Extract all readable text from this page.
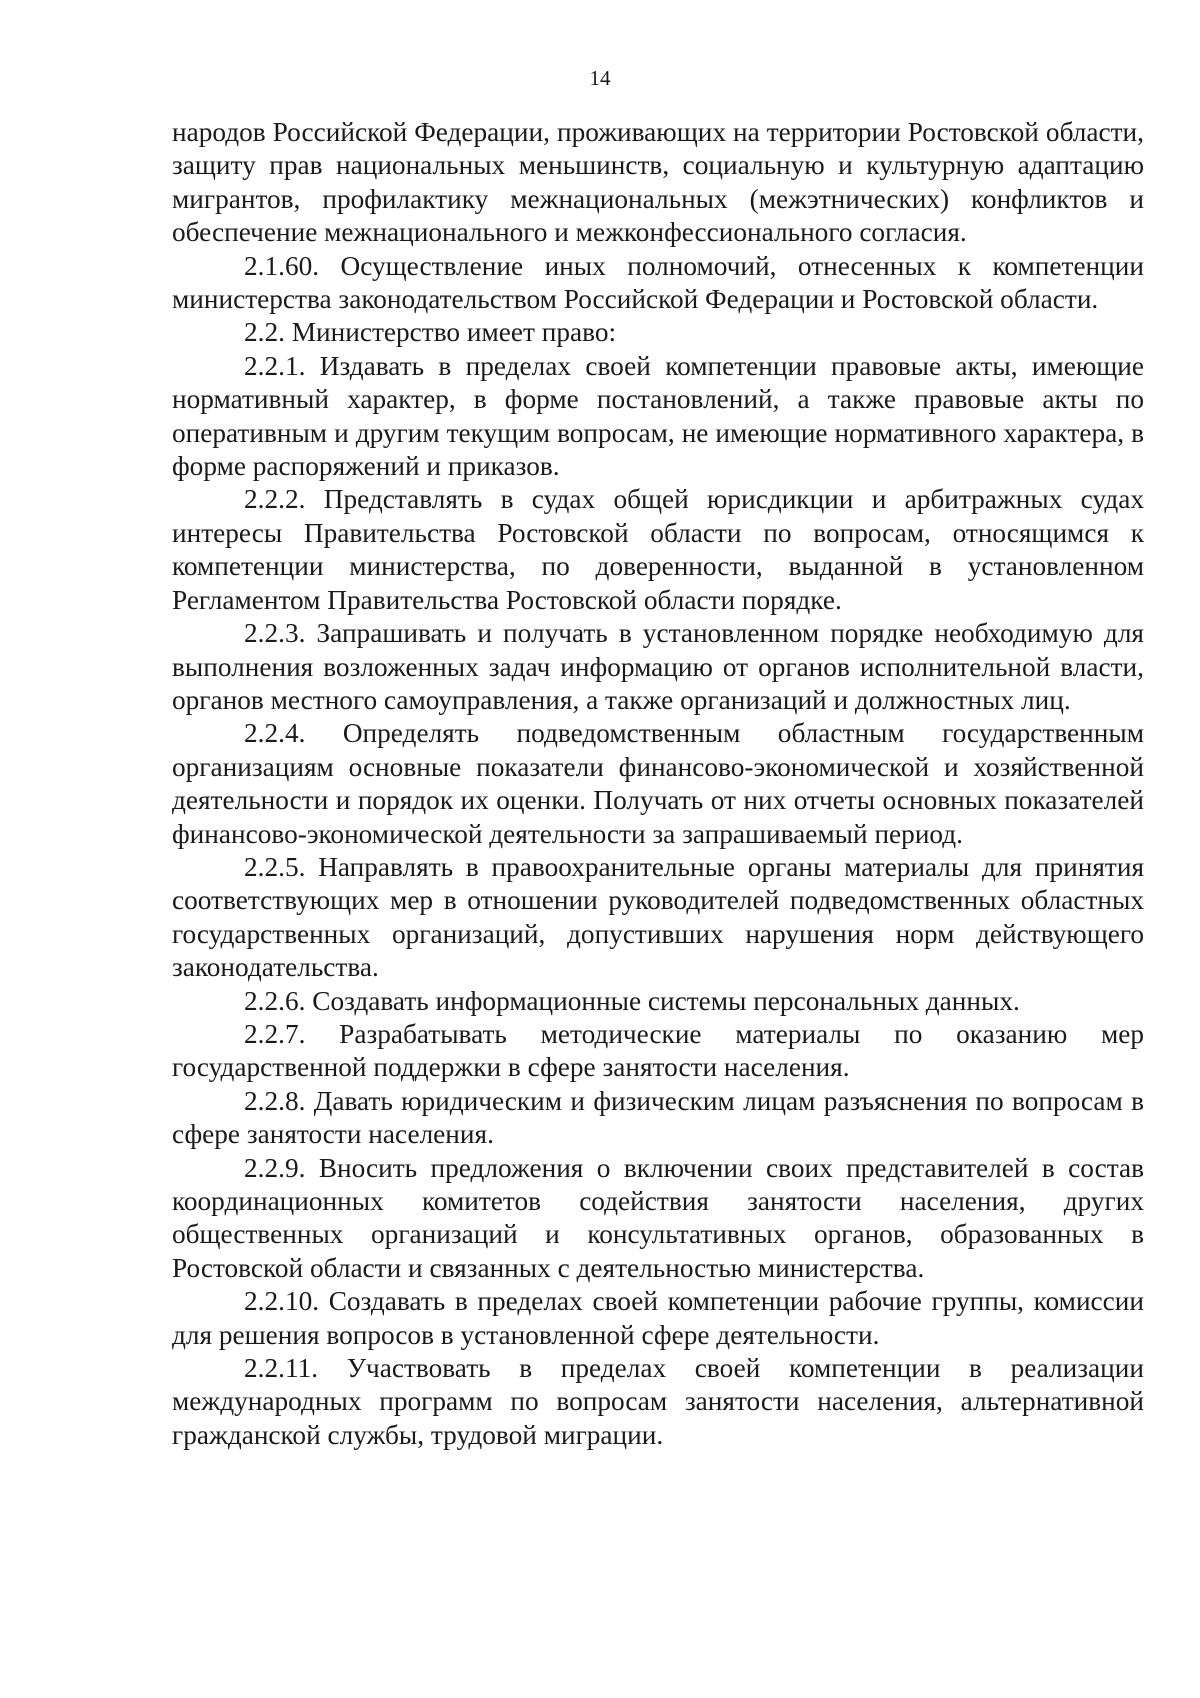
14

народов Российской Федерации, проживающих на территории Ростовской области, защиту прав национальных меньшинств, социальную и культурную адаптацию мигрантов, профилактику межнациональных (межэтнических) конфликтов и обеспечение межнационального и межконфессионального согласия.

2.1.60. Осуществление иных полномочий, отнесенных к компетенции министерства законодательством Российской Федерации и Ростовской области.

2.2. Министерство имеет право:

2.2.1. Издавать в пределах своей компетенции правовые акты, имеющие нормативный характер, в форме постановлений, а также правовые акты по оперативным и другим текущим вопросам, не имеющие нормативного характера, в форме распоряжений и приказов.

2.2.2. Представлять в судах общей юрисдикции и арбитражных судах интересы Правительства Ростовской области по вопросам, относящимся к компетенции министерства, по доверенности, выданной в установленном Регламентом Правительства Ростовской области порядке.

2.2.3. Запрашивать и получать в установленном порядке необходимую для выполнения возложенных задач информацию от органов исполнительной власти, органов местного самоуправления, а также организаций и должностных лиц.

2.2.4. Определять подведомственным областным государственным организациям основные показатели финансово-экономической и хозяйственной деятельности и порядок их оценки. Получать от них отчеты основных показателей финансово-экономической деятельности за запрашиваемый период.

2.2.5. Направлять в правоохранительные органы материалы для принятия соответствующих мер в отношении руководителей подведомственных областных государственных организаций, допустивших нарушения норм действующего законодательства.

2.2.6. Создавать информационные системы персональных данных.

2.2.7. Разрабатывать методические материалы по оказанию мер государственной поддержки в сфере занятости населения.

2.2.8. Давать юридическим и физическим лицам разъяснения по вопросам в сфере занятости населения.

2.2.9. Вносить предложения о включении своих представителей в состав координационных комитетов содействия занятости населения, других общественных организаций и консультативных органов, образованных в Ростовской области и связанных с деятельностью министерства.

2.2.10. Создавать в пределах своей компетенции рабочие группы, комиссии для решения вопросов в установленной сфере деятельности.

2.2.11. Участвовать в пределах своей компетенции в реализации международных программ по вопросам занятости населения, альтернативной гражданской службы, трудовой миграции.
